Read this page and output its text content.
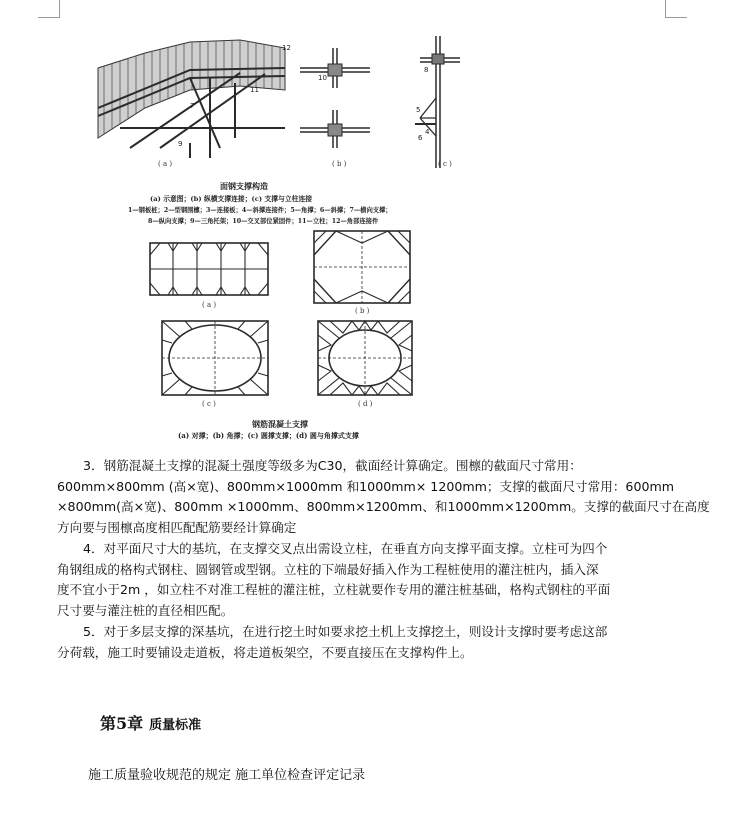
12
11
7
10
9
8
5
4
6
( a )	( b )	( c )
面钢支撑构造
(a) 示意图；(b) 纵横支撑连接；(c) 支撑与立柱连接
1—钢板桩；2—型钢围檩；3—连接板；4—斜撑连接件；5—角撑；6—斜撑；7—横向支撑；
8—纵向支撑；9—三角托架；10—交叉部位紧固件；11—立柱；12—角部连接件
( a )
( b )
( c )	( d )
钢筋混凝土支撑
(a) 对撑；(b) 角撑；(c) 圆撑支撑；(d) 圆与角撑式支撑
3．钢筋混凝土支撑的混凝土强度等级多为C30，截面经计算确定。围檩的截面尺寸常用：
600mm×800mm (高×宽)、800mm×1000mm 和1000mm× 1200mm；支撑的截面尺寸常用：600mm
×800mm(高×宽)、800mm ×1000mm、800mm×1200mm、和1000mm×1200mm。支撑的截面尺寸在高度
方向要与围檩高度相匹配配筋要经计算确定
4．对平面尺寸大的基坑，在支撑交叉点出需设立柱，在垂直方向支撑平面支撑。立柱可为四个
角钢组成的格构式钢柱、圆钢管或型钢。立柱的下端最好插入作为工程桩使用的灌注桩内，插入深
度不宜小于2m ，如立柱不对准工程桩的灌注桩，立柱就要作专用的灌注桩基础，格构式钢柱的平面
尺寸要与灌注桩的直径相匹配。
5．对于多层支撑的深基坑，在进行挖土时如要求挖土机上支撑挖土，则设计支撑时要考虑这部
分荷载，施工时要铺设走道板，将走道板架空，不要直接压在支撑构件上。
第5章 质量标准
施工质量验收规范的规定 施工单位检查评定记录
